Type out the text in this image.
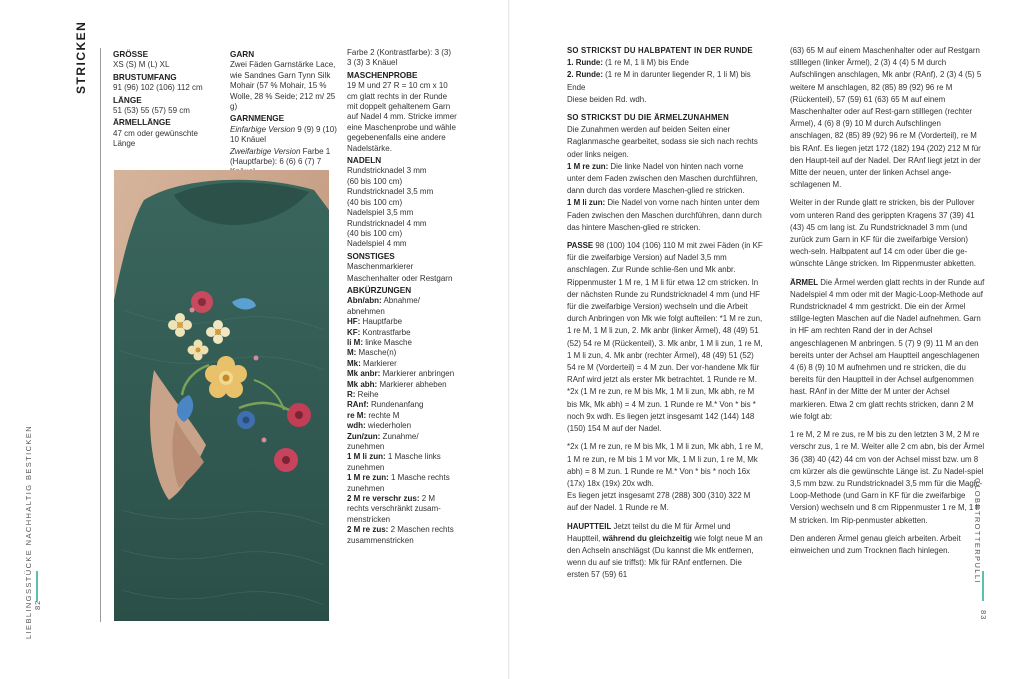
STRICKEN	GRÖSSE

XS (S) M (L) XL

BRUSTUMFANG

91 (96) 102 (106) 112 cm

LÄNGE

51 (53) 55 (57) 59 cm

ÄRMELLÄNGE

47 cm oder gewünschte Länge

GARN

Zwei Fäden Garnstärke Lace, wie Sandnes Garn Tynn Silk Mohair (57 % Mohair, 15 % Wolle, 28 % Seide; 212 m/ 25 g)

GARNMENGE

Einfarbige Version 9 (9) 9 (10) 10 Knäuel

Zweifarbige Version Farbe 1 (Hauptfarbe): 6 (6) 6 (7) 7

Farbe 2 (Kontrastfarbe): 3 (3) 3 (3) 3 Knäuel

MASCHENPROBE

19 M und 27 R = 10 cm x 10 cm glatt rechts in der Runde mit doppelt gehaltenem Garn auf Nadel 4 mm. Stricke immer eine Maschenprobe und wähle gegebenenfalls eine andere Nadelstärke.

NADELN
Rundstricknadel 3 mm
(60 bis 100 cm)
Rundstricknadel 3,5 mm
(40 bis 100 cm)
Nadelspiel 3,5 mm
Rundstricknadel 4 mm
(40 bis 100 cm)
Nadelspiel 4 mm
SONSTIGES

Maschenmarkierer

Maschenhalter oder Restgarn

ABKÜRZUNGEN
Abn/abn: Abnahme/ abnehmen
HF: Hauptfarbe
KF: Kontrastfarbe
li M: linke Masche
M: Masche(n)
Mk: Markierer
Mk anbr: Markierer anbringen
Mk abh: Markierer abheben
R: Reihe
RAnf: Rundenanfang
re M: rechte M
wdh: wiederholen
Zun/zun: Zunahme/ zunehmen
1 M li zun: 1 Masche links zunehmen
1 M re zun: 1 Masche rechts zunehmen
2 M re verschr zus: 2 M rechts verschränkt zusam-menstricken
2 M re zus: 2 Maschen rechts zusammenstricken
LIEBLINGSSTÜCKE NACHHALTIG BESTICKEN 82
SO STRICKST DU HALBPATENT IN DER RUNDE
1. Runde: (1 re M, 1 li M) bis Ende
2. Runde: (1 re M in darunter liegender R, 1 li M) bis Ende

Diese beiden Rd. wdh.

SO STRICKST DU DIE ÄRMELZUNAHMEN
Die Zunahmen werden auf beiden Seiten einer Raglanmasche gearbeitet, sodass sie sich nach rechts oder links neigen.
1 M re zun: Die linke Nadel von hinten nach vorne unter dem Faden zwischen den Maschen durchführen, dann durch das vordere Maschen-glied re stricken.

1 M li zun: Die Nadel von vorne nach hinten unter dem Faden zwischen den Maschen durchführen, dann durch das hintere Maschen-glied re stricken.

PASSE 98 (100) 104 (106) 110 M mit zwei Fäden (in KF für die zweifarbige Version) auf Nadel 3,5 mm anschlagen. Zur Runde schlie-ßen und Mk anbr. Rippenmuster 1 M re, 1 M li für etwa 12 cm stricken. In der nächsten Runde zu Rundstricknadel 4 mm (und HF für die zweifarbige Version) wechseln und die Arbeit durch Anbringen von Mk wie folgt aufteilen: *1 M re zun, 1 re M, 1 M li zun, 2. Mk anbr (linker Ärmel), 48 (49) 51 (52) 54 re M (Rückenteil), 3. Mk anbr, 1 M li zun, 1 re M, 1 M li zun, 4. Mk anbr (rechter Ärmel), 48 (49) 51 (52) 54 re M (Vorderteil) = 4 M zun. Der vor-handene Mk für RAnf wird jetzt als erster Mk betrachtet. 1 Runde re M. *2x (1 M re zun, re M bis Mk, 1 M li zun, Mk abh, re M bis Mk, Mk abh) = 4 M zun. 1 Runde re M.* Von * bis * noch 9x wdh. Es liegen jetzt insgesamt 142 (144) 148 (150) 154 M auf der Nadel.

*2x (1 M re zun, re M bis Mk, 1 M li zun, Mk abh, 1 re M, 1 M re zun, re M bis 1 M vor Mk, 1 M li zun, 1 re M, Mk abh) = 8 M zun. 1 Runde re M.* Von * bis * noch 16x (17x) 18x (19x) 20x wdh.

Es liegen jetzt insgesamt 278 (288) 300 (310) 322 M auf der Nadel. 1 Runde re M.

HAUPTTEIL Jetzt teilst du die M für Ärmel und Hauptteil, während du gleichzeitig wie folgt neue M an den Achseln anschlägst (Du kannst die Mk entfernen, wenn du auf sie triffst): Mk für RAnf entfernen. Die ersten 57 (59) 61

(63) 65 M auf einem Maschenhalter oder auf Restgarn stilllegen (linker Ärmel), 2 (3) 4 (4) 5 M durch Aufschlingen anschlagen, Mk anbr (RAnf), 2 (3) 4 (5) 5 weitere M anschlagen, 82 (85) 89 (92) 96 re M (Rückenteil), 57 (59) 61 (63) 65 M auf einem Maschenhalter oder auf Rest-garn stilllegen (rechter Ärmel), 4 (6) 8 (9) 10 M durch Aufschlingen anschlagen, 82 (85) 89 (92) 96 re M (Vorderteil), re M bis RAnf. Es liegen jetzt 172 (182) 194 (202) 212 M für den Haupt-teil auf der Nadel. Der RAnf liegt jetzt in der Mitte der neuen, unter der linken Achsel ange-schlagenen M.

Weiter in der Runde glatt re stricken, bis der Pullover vom unteren Rand des gerippten Kragens 37 (39) 41 (43) 45 cm lang ist. Zu Rundstricknadel 3 mm (und zurück zum Garn in KF für die zweifarbige Version) wech-seln. Halbpatent auf 14 cm oder über die ge-wünschte Länge stricken. Im Rippenmuster abketten.

ÄRMEL Die Ärmel werden glatt rechts in der Runde auf Nadelspiel 4 mm oder mit der Magic-Loop-Methode auf Rundstricknadel 4 mm gestrickt. Die ein der Ärmel stillge-legten Maschen auf die Nadel aufnehmen. Garn in HF am rechten Rand der in der Achsel angeschlagenen M anbringen. 5 (7) 9 (9) 11 M an den bereits unter der Achsel am Hauptteil angeschlagenen 4 (6) 8 (9) 10 M aufnehmen und re stricken, die du bereits für den Hauptteil in der Achsel aufgenommen hast. RAnf in der Mitte der M unter der Achsel markieren. Etwa 2 cm glatt rechts stricken, dann 2 M wie folgt ab:

1 re M, 2 M re zus, re M bis zu den letzten 3 M, 2 M re verschr zus, 1 re M. Weiter alle 2 cm abn, bis der Ärmel 36 (38) 40 (42) 44 cm von der Achsel misst bzw. um 8 cm kürzer als die gewünschte Länge ist. Zu Nadel-spiel 3,5 mm bzw. zu Rundstricknadel 3,5 mm für die Magic-Loop-Methode (und Garn in KF für die zweifarbige Version) wechseln und 8 cm Rippenmuster 1 re M, 1 li M stricken. Im Rip-penmuster abketten.

Den anderen Ärmel genau gleich arbeiten. Arbeit einweichen und zum Trocknen flach hinlegen.	GLOBETROTTERPULLI
83
